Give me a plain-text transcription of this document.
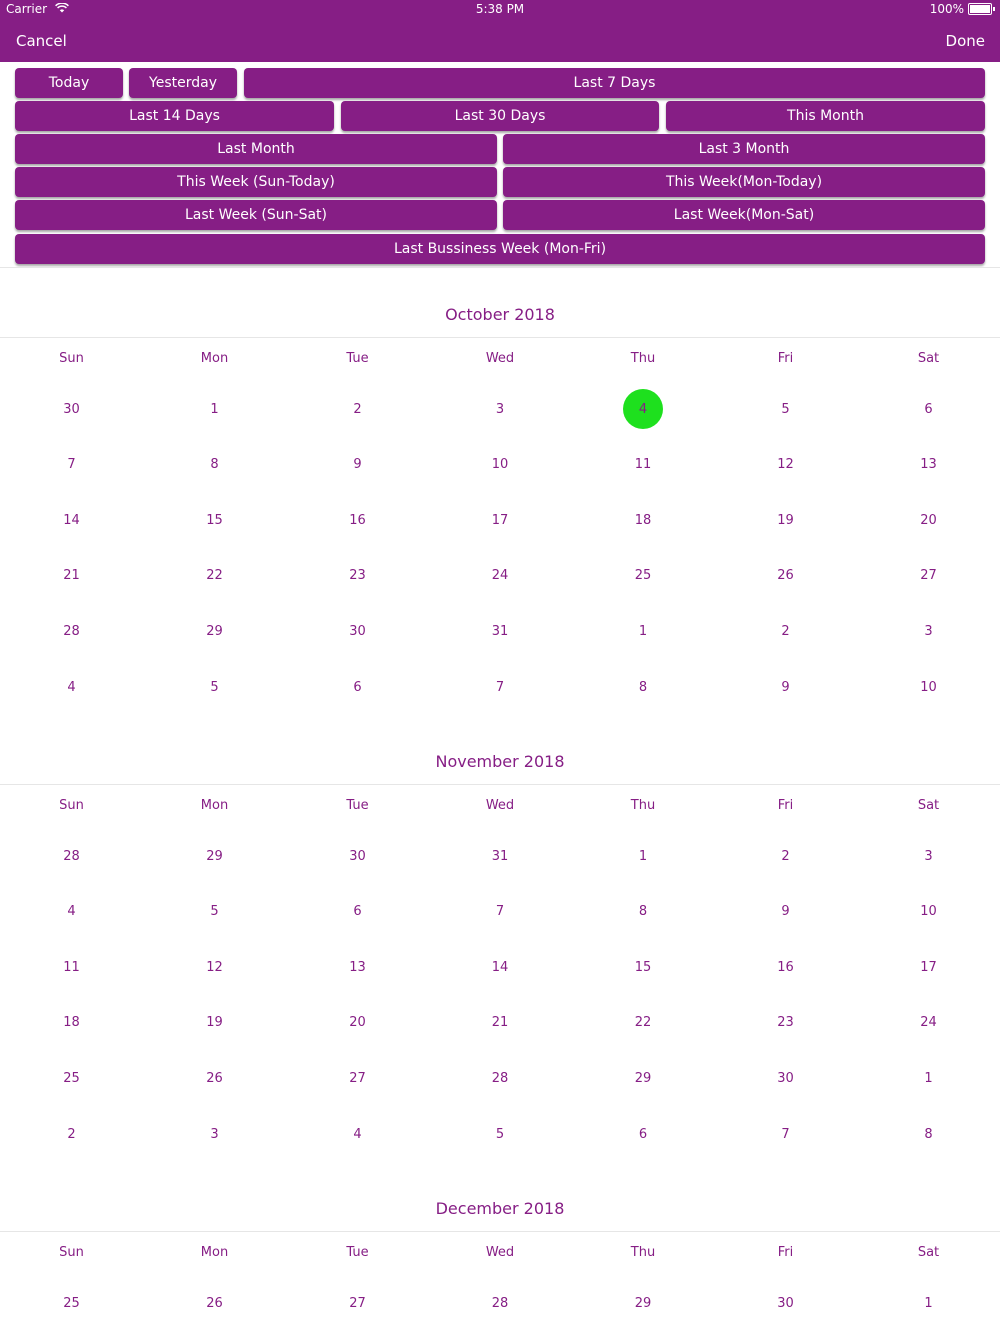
Carrier	5:38 PM	100%
Cancel	Done
Today	Yesterday	Last 7 Days
Last 14 Days	Last 30 Days	This Month
Last Month	Last 3 Month
This Week (Sun-Today)	This Week(Mon-Today)
Last Week (Sun-Sat)	Last Week(Mon-Sat)
Last Bussiness Week (Mon-Fri)
October 2018
Sun	Mon	Tue	Wed	Thu	Fri	Sat
30	1	2	3	4	5	6
7	8	9	10	11	12	13
14	15	16	17	18	19	20
21	22	23	24	25	26	27
28	29	30	31	1	2	3
4	5	6	7	8	9	10
November 2018
Sun	Mon	Tue	Wed	Thu	Fri	Sat
28	29	30	31	1	2	3
4	5	6	7	8	9	10
11	12	13	14	15	16	17
18	19	20	21	22	23	24
25	26	27	28	29	30	1
2	3	4	5	6	7	8
December 2018
Sun	Mon	Tue	Wed	Thu	Fri	Sat
25	26	27	28	29	30	1
